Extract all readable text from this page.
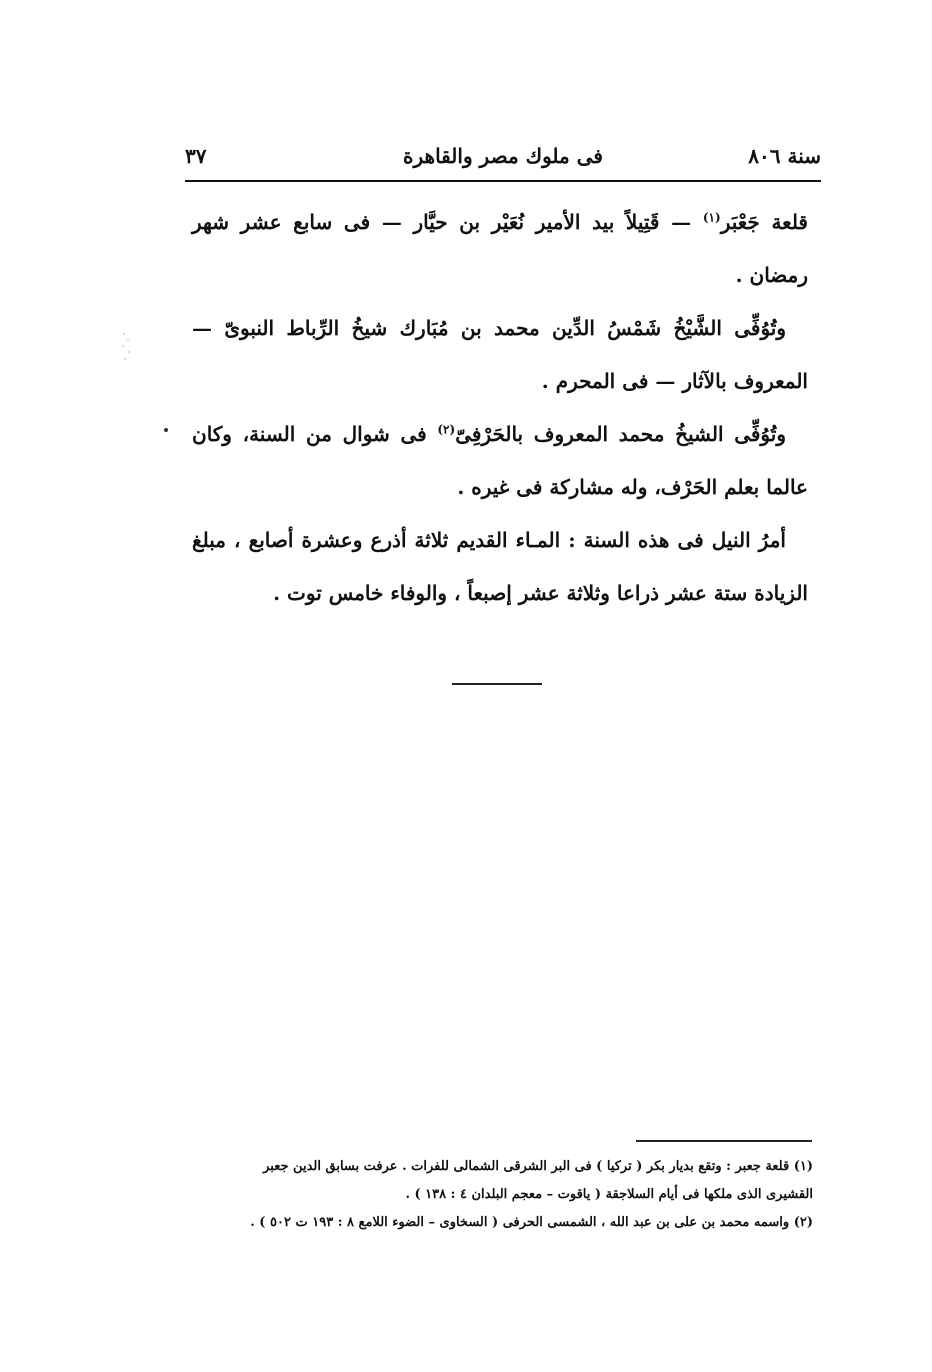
سنة ٨٠٦
فى ملوك مصر والقاهرة
٣٧

قلعة جَعْبَر$^{(١)}$ — قَتِيلاً بيد الأمير نُعَيْر بن حيَّار — فى سابع عشر شهر رمضان .

وتُوُفِّى الشَّيْخُ شَمْسُ الدِّين محمد بن مُبَارك شيخُ الرِّباط النبوىّ — المعروف بالآثار — فى المحرم .

وتُوُفِّى الشيخُ محمد المعروف بالحَرْفِىّ$^{(٢)}$ فى شوال من السنة، وكان عالما بعلم الحَرْف، وله مشاركة فى غيره .

أمرُ النيل فى هذه السنة : المـاء القديم ثلاثة أذرع وعشرة أصابع ، مبلغ الزيادة ستة عشر ذراعا وثلاثة عشر إصبعاً ، والوفاء خامس توت .

(١) قلعة جعبر : وتقع بديار بكر ( تركيا ) فى البر الشرقى الشمالى للفرات . عرفت بسابق الدين جعبر

القشيرى الذى ملكها فى أيام السلاجقة ( ياقوت – معجم البلدان ٤ : ١٣٨ ) .

(٢) واسمه محمد بن على بن عبد الله ، الشمسى الحرفى ( السخاوى – الضوء اللامع ٨ : ١٩٣ ت ٥٠٢ ) .
